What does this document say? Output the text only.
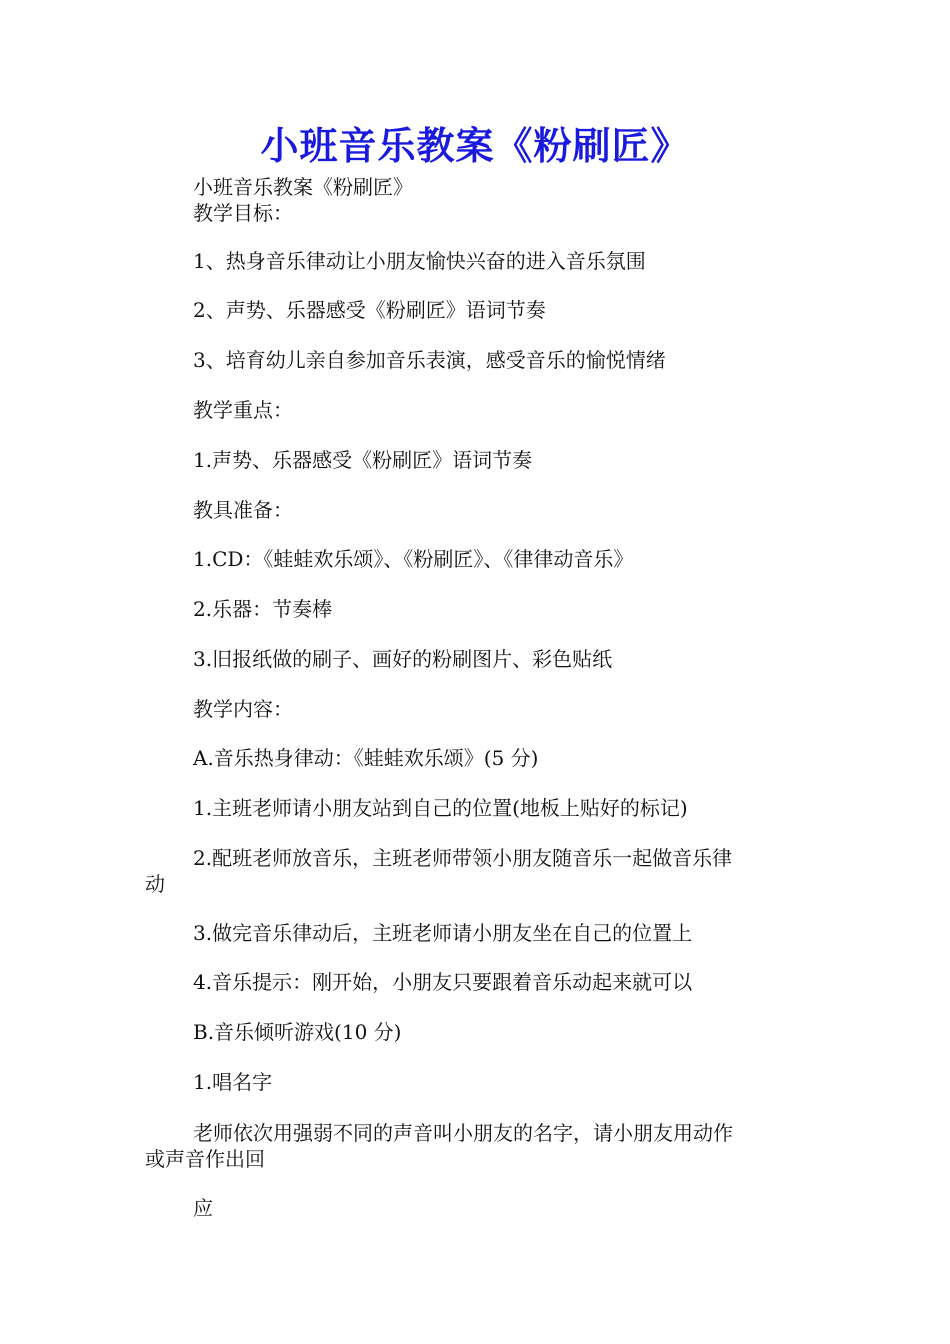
小班音乐教案《粉刷匠》
小班音乐教案《粉刷匠》
教学目标：
1、热身音乐律动让小朋友愉快兴奋的进入音乐氛围
2、声势、乐器感受《粉刷匠》语词节奏
3、培育幼儿亲自参加音乐表演，感受音乐的愉悦情绪
教学重点：
1.声势、乐器感受《粉刷匠》语词节奏
教具准备：
1.CD：《蛙蛙欢乐颂》、《粉刷匠》、《律律动音乐》
2.乐器：节奏棒
3.旧报纸做的刷子、画好的粉刷图片、彩色贴纸
教学内容：
A.音乐热身律动：《蛙蛙欢乐颂》(5 分)
1.主班老师请小朋友站到自己的位置(地板上贴好的标记)
2.配班老师放音乐，主班老师带领小朋友随音乐一起做音乐律
动
3.做完音乐律动后，主班老师请小朋友坐在自己的位置上
4.音乐提示：刚开始，小朋友只要跟着音乐动起来就可以
B.音乐倾听游戏(10 分)
1.唱名字
老师依次用强弱不同的声音叫小朋友的名字，请小朋友用动作
或声音作出回
应
